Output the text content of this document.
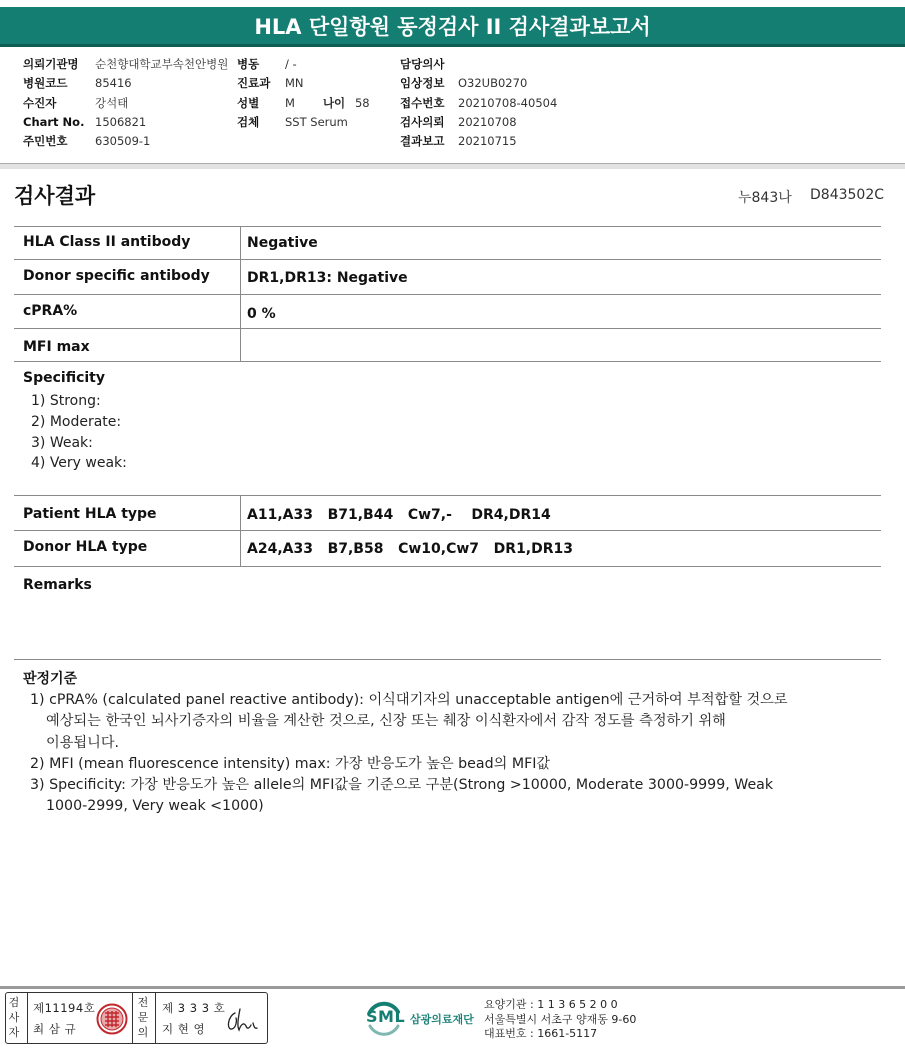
HLA 단일항원 동정검사 II 검사결과보고서
의뢰기관명	순천향대학교부속천안병원
병원코드	85416
수진자	강석태
Chart No. 1506821
주민번호	630509-1
병동	/ -
진료과	MN
성별	M 나이 58
검체	SST Serum
담당의사
임상정보	O32UB0270
접수번호	20210708-40504
검사의뢰	20210708
결과보고	20210715
검사결과	누843나 D843502C
HLA Class II antibody	Negative
Donor specific antibody	DR1,DR13: Negative
cPRA%	0 %
MFI max
Specificity
1) Strong:
2) Moderate:
3) Weak:
4) Very weak:
Patient HLA type	A11,A33   B71,B44   Cw7,-    DR4,DR14
Donor HLA type	A24,A33   B7,B58   Cw10,Cw7   DR1,DR13
Remarks
판정기준
1) cPRA% (calculated panel reactive antibody): 이식대기자의 unacceptable antigen에 근거하여 부적합할 것으로
예상되는 한국인 뇌사기증자의 비율을 계산한 것으로, 신장 또는 췌장 이식환자에서 감작 정도를 측정하기 위해
이용됩니다.
2) MFI (mean fluorescence intensity) max: 가장 반응도가 높은 bead의 MFI값
3) Specificity: 가장 반응도가 높은 allele의 MFI값을 기준으로 구분(Strong >10000, Moderate 3000-9999, Weak
1000-2999, Very weak <1000)
검
사
자
제11194호
최 삼 규
전
문
의
제 3 3 3 호
지 현 영
SML 삼광의료재단
요양기관 : 1 1 3 6 5 2 0 0
서울특별시 서초구 양재동 9-60
대표번호 : 1661-5117
